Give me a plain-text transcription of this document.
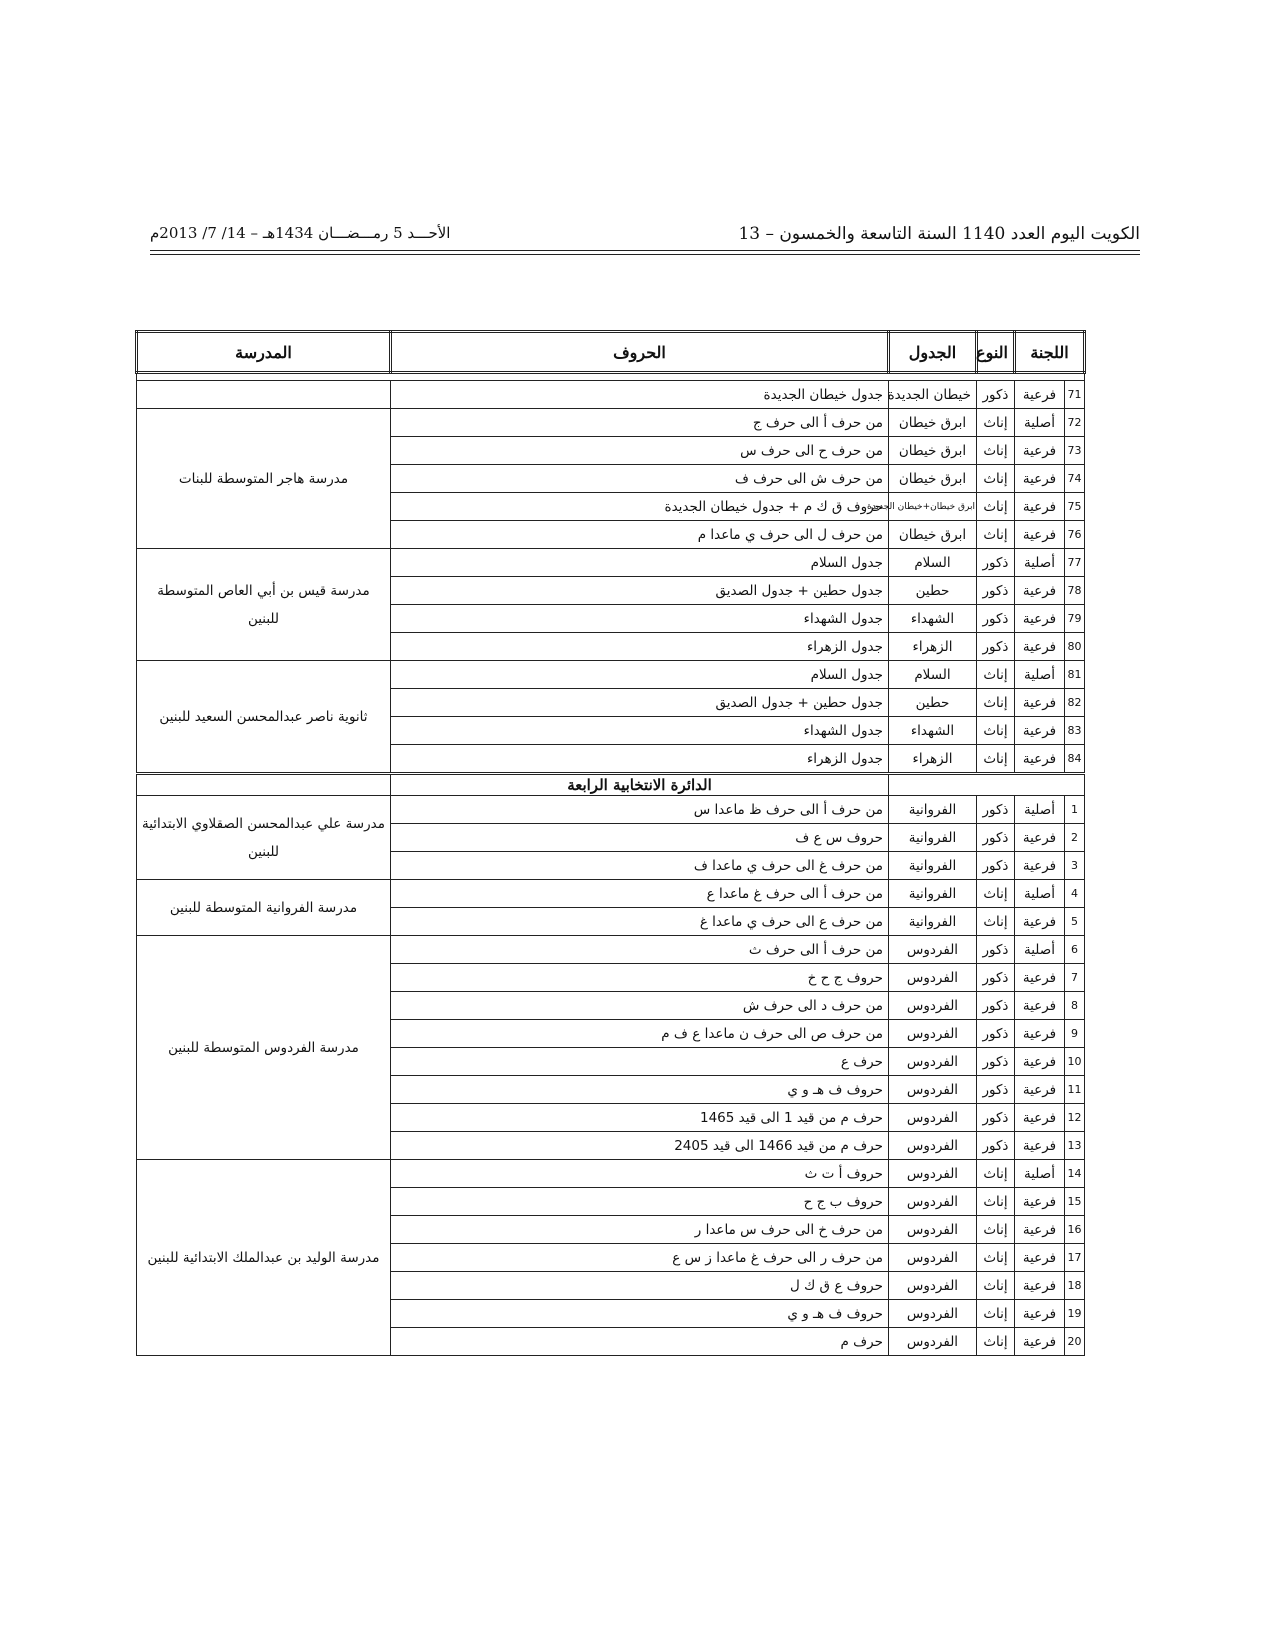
الكويت اليوم العدد 1140 السنة التاسعة والخمسون – 13
الأحـــد 5 رمـــضـــان 1434هـ – 14/ 7/ 2013م
اللجنة		النوع	الجدول	الحروف	المدرسة

71	فرعية	ذكور	خيطان الجديدة	جدول خيطان الجديدة	
72	أصلية	إناث	ابرق خيطان	من حرف أ الى حرف ج	مدرسة هاجر المتوسطة للبنات
73	فرعية	إناث	ابرق خيطان	من حرف ح الى حرف س	
74	فرعية	إناث	ابرق خيطان	من حرف ش الى حرف ف	
75	فرعية	إناث	ابرق خيطان+خيطان الجديدة	حروف ق ك م + جدول خيطان الجديدة	
76	فرعية	إناث	ابرق خيطان	من حرف ل الى حرف ي ماعدا م	
77	أصلية	ذكور	السلام	جدول السلام	مدرسة قيس بن أبي العاص المتوسطة للبنين
78	فرعية	ذكور	حطين	جدول حطين + جدول الصديق	
79	فرعية	ذكور	الشهداء	جدول الشهداء	
80	فرعية	ذكور	الزهراء	جدول الزهراء	
81	أصلية	إناث	السلام	جدول السلام	ثانوية ناصر عبدالمحسن السعيد للبنين
82	فرعية	إناث	حطين	جدول حطين + جدول الصديق	
83	فرعية	إناث	الشهداء	جدول الشهداء	
84	فرعية	إناث	الزهراء	جدول الزهراء	
				الدائرة الانتخابية الرابعة	
1	أصلية	ذكور	الفروانية	من حرف أ الى حرف ظ ماعدا س	مدرسة علي عبدالمحسن الصقلاوي الابتدائية للبنين
2	فرعية	ذكور	الفروانية	حروف س ع ف	
3	فرعية	ذكور	الفروانية	من حرف غ الى حرف ي ماعدا ف	
4	أصلية	إناث	الفروانية	من حرف أ الى حرف غ ماعدا ع	مدرسة الفروانية المتوسطة للبنين
5	فرعية	إناث	الفروانية	من حرف ع الى حرف ي ماعدا غ	
6	أصلية	ذكور	الفردوس	من حرف أ الى حرف ث	مدرسة الفردوس المتوسطة للبنين
7	فرعية	ذكور	الفردوس	حروف ج ح خ	
8	فرعية	ذكور	الفردوس	من حرف د الى حرف ش	
9	فرعية	ذكور	الفردوس	من حرف ص الى حرف ن ماعدا ع ف م	
10	فرعية	ذكور	الفردوس	حرف ع	
11	فرعية	ذكور	الفردوس	حروف ف هـ و ي	
12	فرعية	ذكور	الفردوس	حرف م من قيد 1 الى قيد 1465	
13	فرعية	ذكور	الفردوس	حرف م من قيد 1466 الى قيد 2405	
14	أصلية	إناث	الفردوس	حروف أ ت ث	مدرسة الوليد بن عبدالملك الابتدائية للبنين
15	فرعية	إناث	الفردوس	حروف ب ج ح	
16	فرعية	إناث	الفردوس	من حرف خ الى حرف س ماعدا ر	
17	فرعية	إناث	الفردوس	من حرف ر الى حرف غ ماعدا ز س ع	
18	فرعية	إناث	الفردوس	حروف ع ق ك ل	
19	فرعية	إناث	الفردوس	حروف ف هـ و ي	
20	فرعية	إناث	الفردوس	حرف م	
